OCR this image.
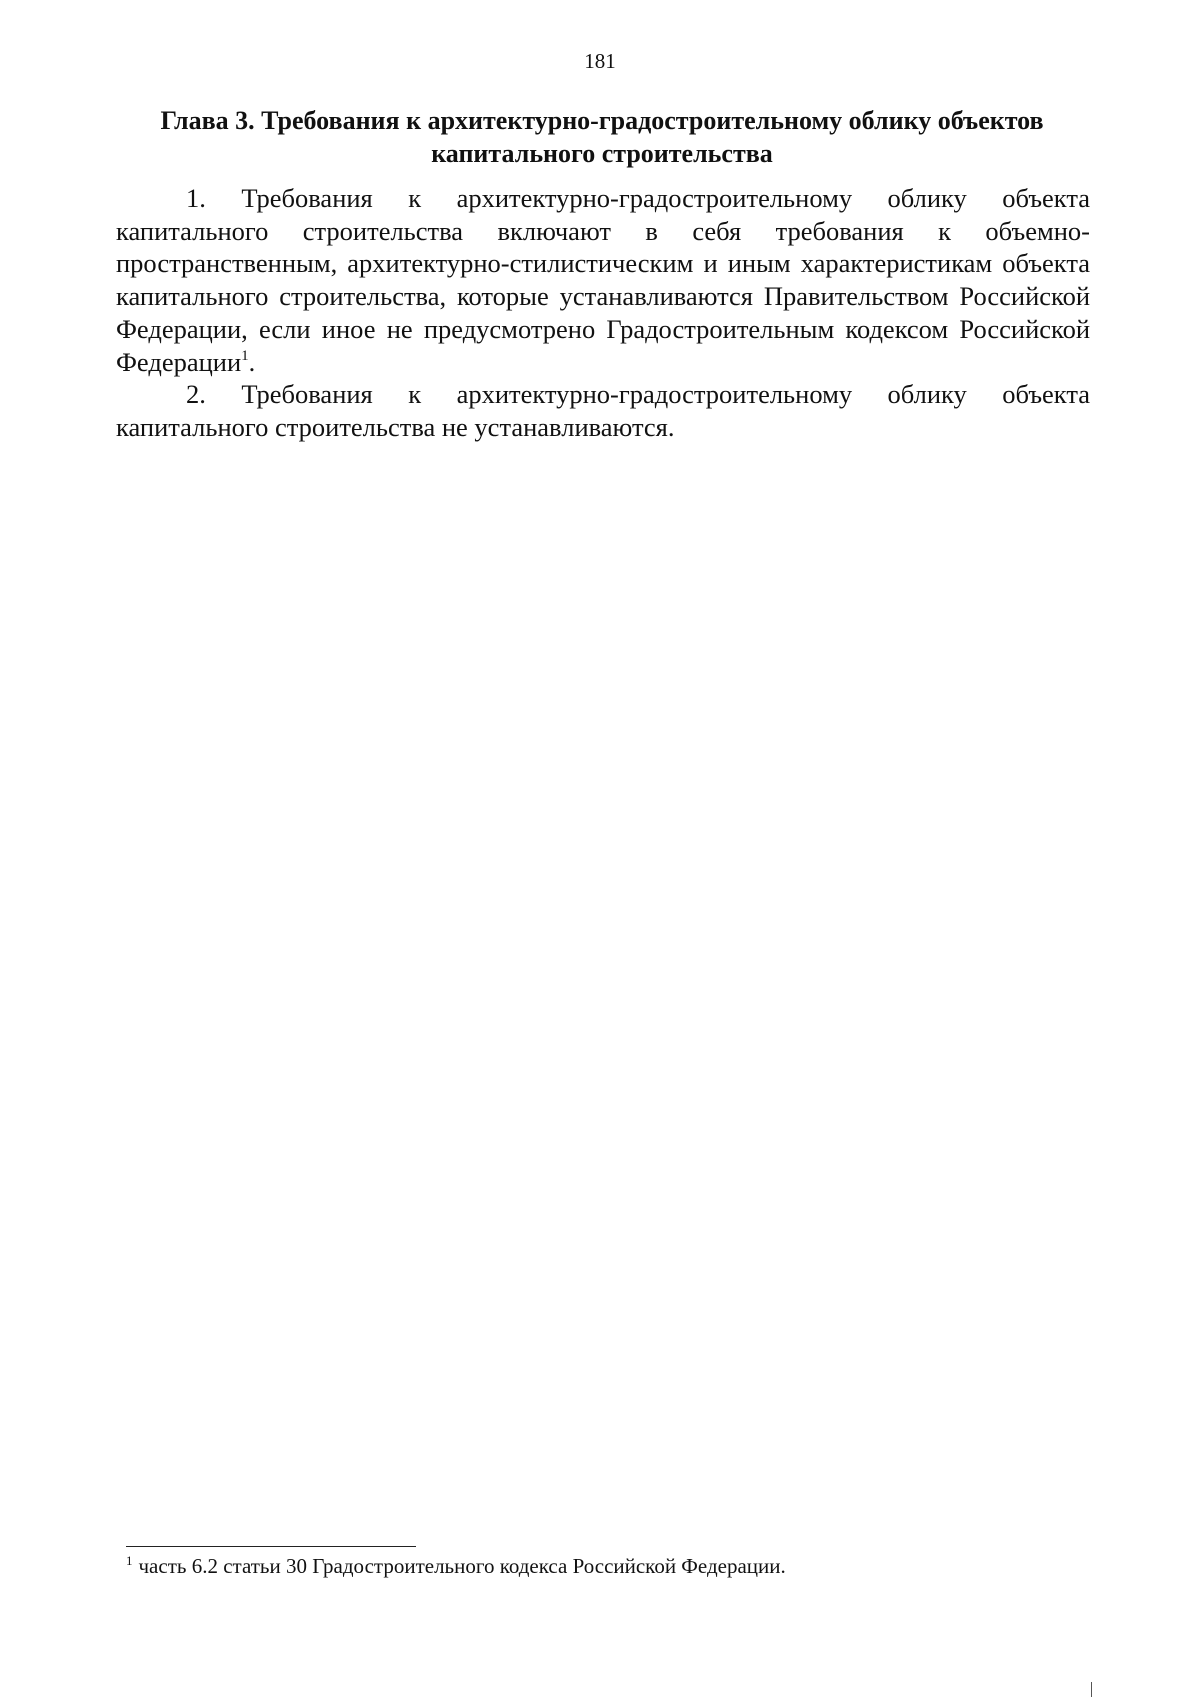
181
Глава 3. Требования к архитектурно-градостроительному облику объектов капитального строительства

1. Требования к архитектурно-градостроительному облику объекта капитального строительства включают в себя требования к объемно-пространственным, архитектурно-стилистическим и иным характеристикам объекта капитального строительства, которые устанавливаются Правительством Российской Федерации, если иное не предусмотрено Градостроительным кодексом Российской Федерации$^1$.

2. Требования к архитектурно-градостроительному облику объекта капитального строительства не устанавливаются.

$^1$ часть 6.2 статьи 30 Градостроительного кодекса Российской Федерации.
